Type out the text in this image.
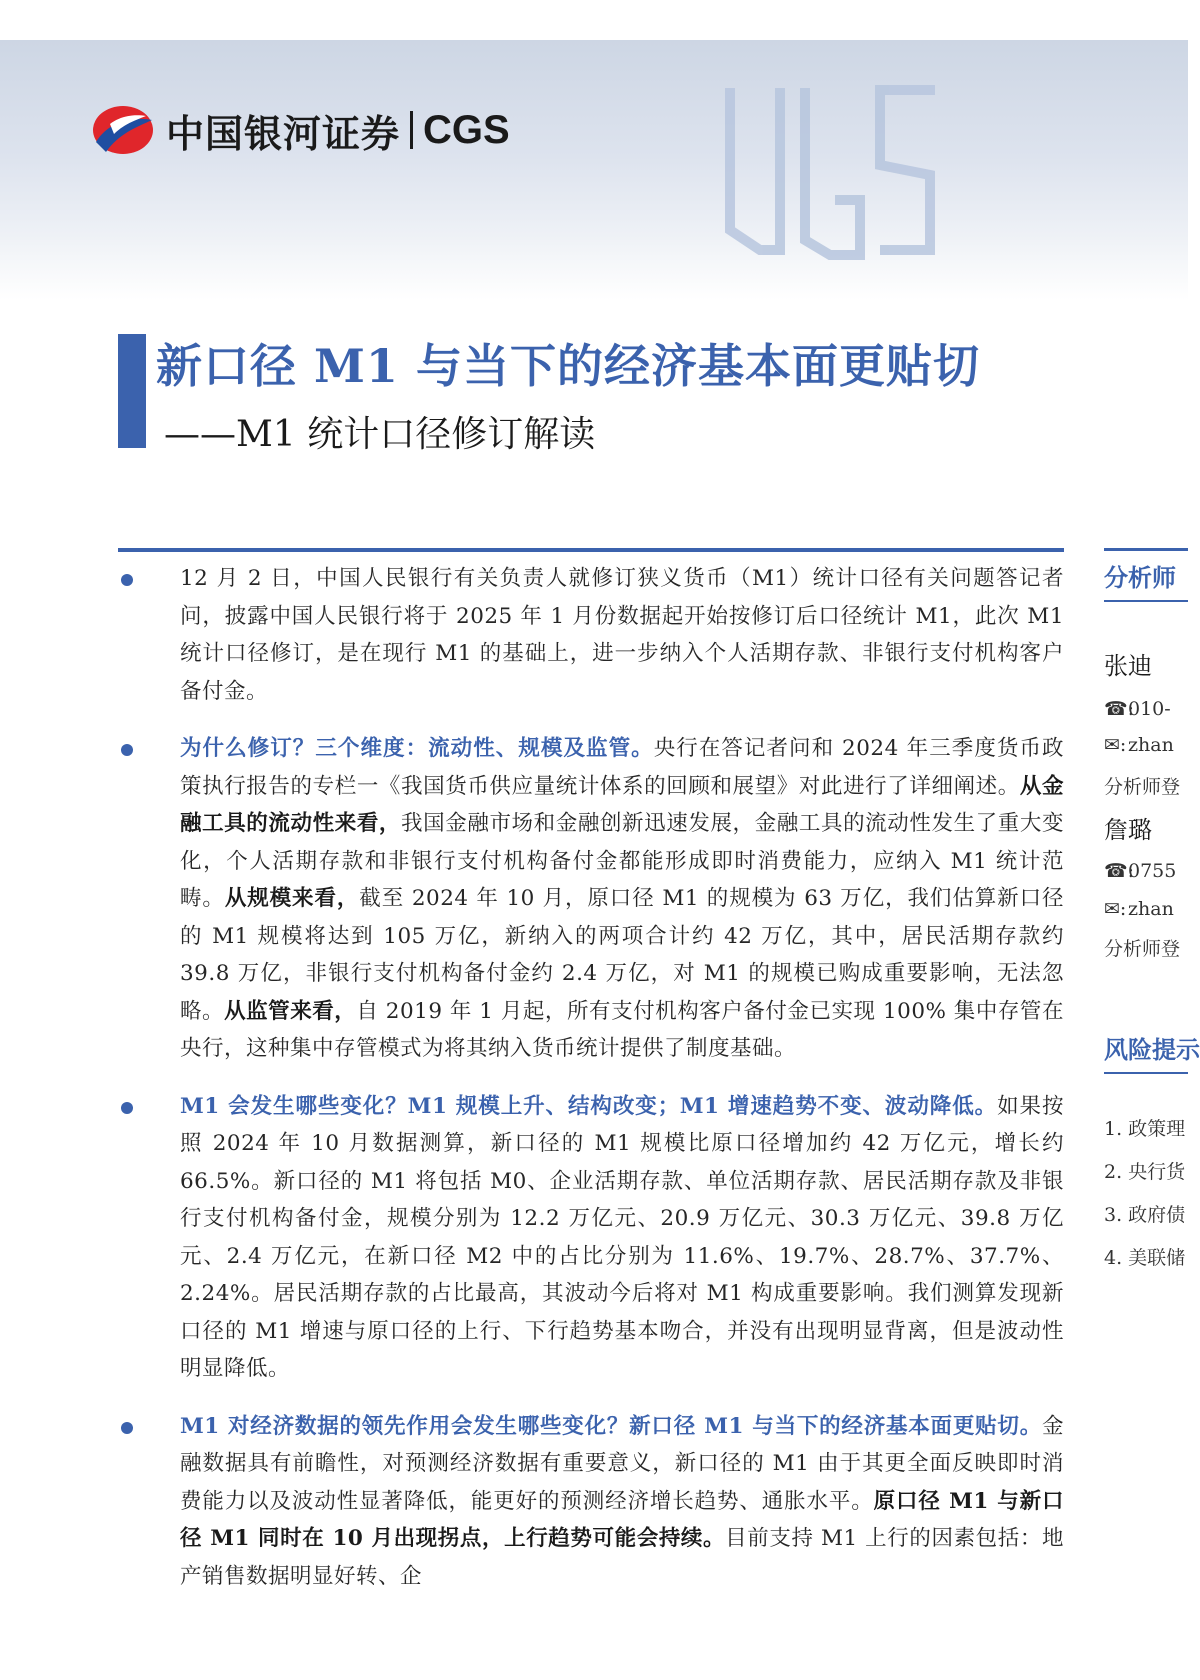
中国银河证券 CGS
新口径 M1 与当下的经济基本面更贴切
——M1 统计口径修订解读
12 月 2 日，中国人民银行有关负责人就修订狭义货币（M1）统计口径有关问题答记者问，披露中国人民银行将于 2025 年 1 月份数据起开始按修订后口径统计 M1，此次 M1 统计口径修订，是在现行 M1 的基础上，进一步纳入个人活期存款、非银行支付机构客户备付金。
为什么修订？三个维度：流动性、规模及监管。央行在答记者问和 2024 年三季度货币政策执行报告的专栏一《我国货币供应量统计体系的回顾和展望》对此进行了详细阐述。从金融工具的流动性来看，我国金融市场和金融创新迅速发展，金融工具的流动性发生了重大变化，个人活期存款和非银行支付机构备付金都能形成即时消费能力，应纳入 M1 统计范畴。从规模来看，截至 2024 年 10 月，原口径 M1 的规模为 63 万亿，我们估算新口径的 M1 规模将达到 105 万亿，新纳入的两项合计约 42 万亿，其中，居民活期存款约 39.8 万亿，非银行支付机构备付金约 2.4 万亿，对 M1 的规模已购成重要影响，无法忽略。从监管来看，自 2019 年 1 月起，所有支付机构客户备付金已实现 100% 集中存管在央行，这种集中存管模式为将其纳入货币统计提供了制度基础。
M1 会发生哪些变化？M1 规模上升、结构改变；M1 增速趋势不变、波动降低。如果按照 2024 年 10 月数据测算，新口径的 M1 规模比原口径增加约 42 万亿元，增长约 66.5%。新口径的 M1 将包括 M0、企业活期存款、单位活期存款、居民活期存款及非银行支付机构备付金，规模分别为 12.2 万亿元、20.9 万亿元、30.3 万亿元、39.8 万亿元、2.4 万亿元，在新口径 M2 中的占比分别为 11.6%、19.7%、28.7%、37.7%、2.24%。居民活期存款的占比最高，其波动今后将对 M1 构成重要影响。我们测算发现新口径的 M1 增速与原口径的上行、下行趋势基本吻合，并没有出现明显背离，但是波动性明显降低。
M1 对经济数据的领先作用会发生哪些变化？新口径 M1 与当下的经济基本面更贴切。金融数据具有前瞻性，对预测经济数据有重要意义，新口径的 M1 由于其更全面反映即时消费能力以及波动性显著降低，能更好的预测经济增长趋势、通胀水平。原口径 M1 与新口径 M1 同时在 10 月出现拐点，上行趋势可能会持续。目前支持 M1 上行的因素包括：地产销售数据明显好转、企
分析师
张迪
☎:010-
✉:zhan
分析师登
詹璐
☎:0755
✉:zhan
分析师登
风险提示
1. 政策理
2. 央行货
3. 政府债
4. 美联储
